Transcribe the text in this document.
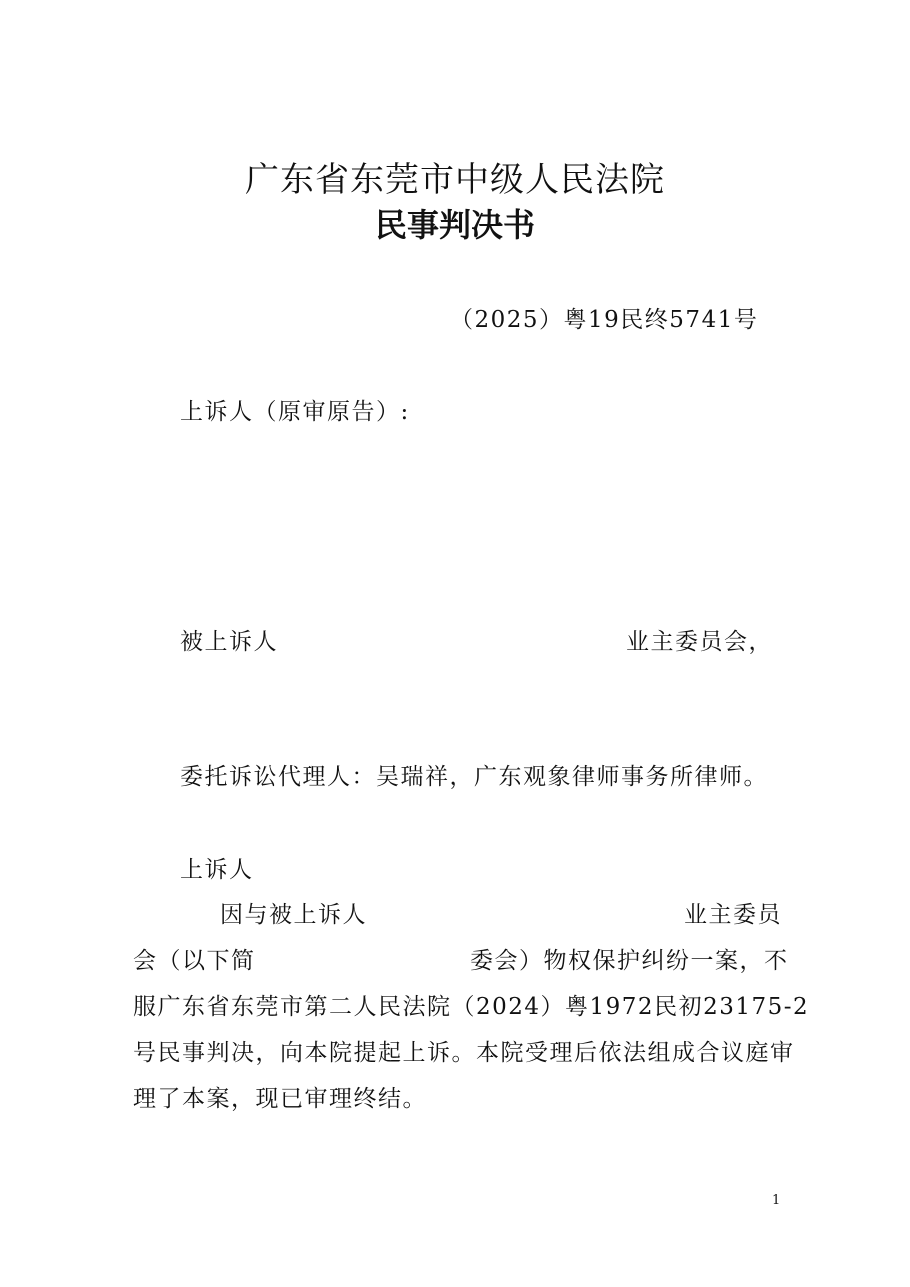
广东省东莞市中级人民法院
民事判决书
（2025）粤19民终5741号
上诉人（原审原告）:
被上诉人	业主委员会，
委托诉讼代理人：吴瑞祥，广东观象律师事务所律师。
上诉人
因与被上诉人	业主委员
会（以下简	委会）物权保护纠纷一案，不
服广东省东莞市第二人民法院（2024）粤1972民初23175-2
号民事判决，向本院提起上诉。本院受理后依法组成合议庭审
理了本案，现已审理终结。
1
